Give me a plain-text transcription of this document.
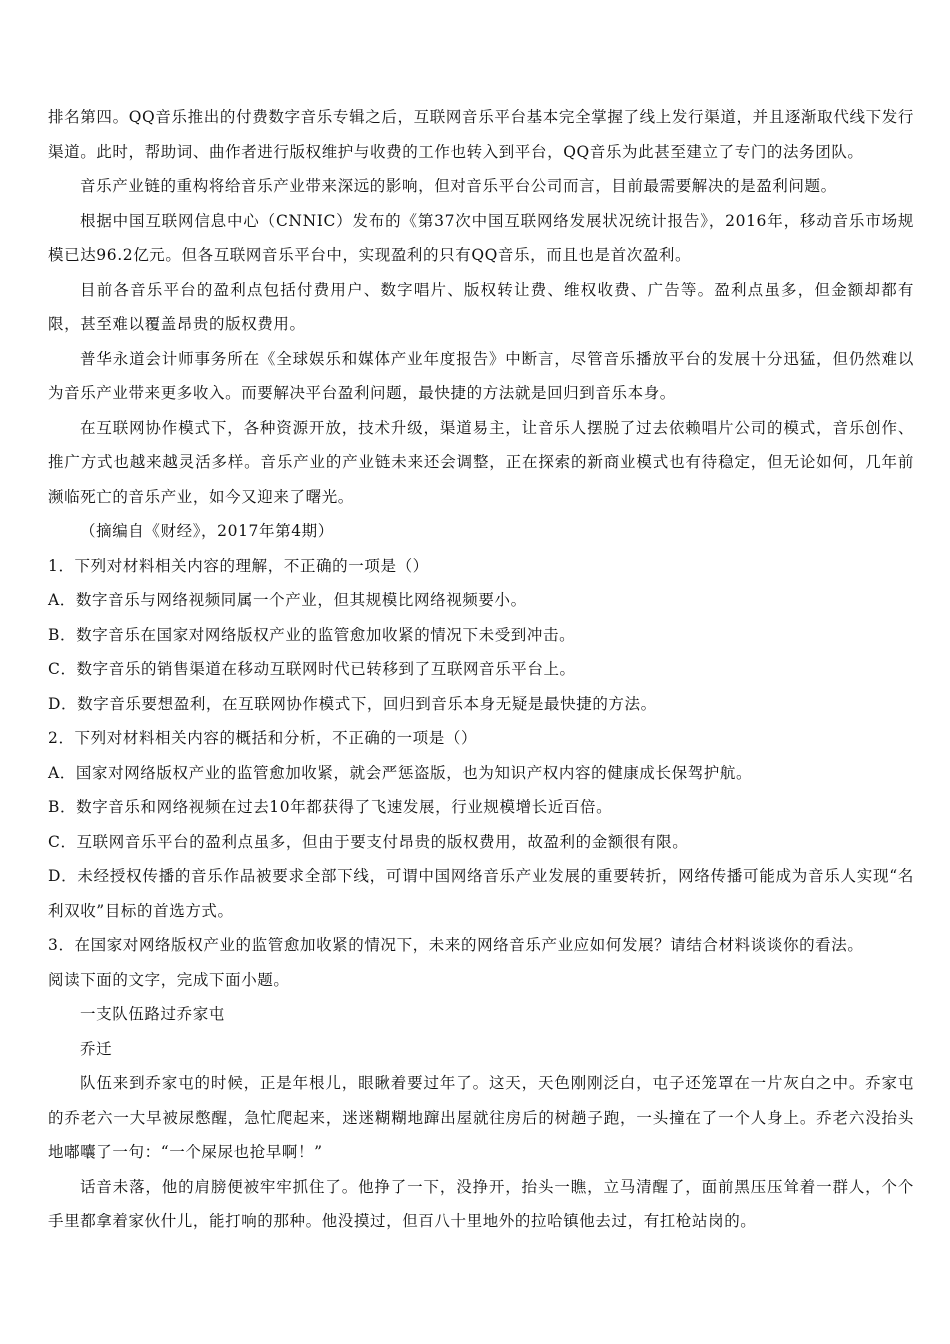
排名第四。QQ音乐推出的付费数字音乐专辑之后，互联网音乐平台基本完全掌握了线上发行渠道，并且逐渐取代线下发行渠道。此时，帮助词、曲作者进行版权维护与收费的工作也转入到平台，QQ音乐为此甚至建立了专门的法务团队。

音乐产业链的重构将给音乐产业带来深远的影响，但对音乐平台公司而言，目前最需要解决的是盈利问题。

根据中国互联网信息中心（CNNIC）发布的《第37次中国互联网络发展状况统计报告》，2016年，移动音乐市场规模已达96.2亿元。但各互联网音乐平台中，实现盈利的只有QQ音乐，而且也是首次盈利。

目前各音乐平台的盈利点包括付费用户、数字唱片、版权转让费、维权收费、广告等。盈利点虽多，但金额却都有限，甚至难以覆盖昂贵的版权费用。

普华永道会计师事务所在《全球娱乐和媒体产业年度报告》中断言，尽管音乐播放平台的发展十分迅猛，但仍然难以为音乐产业带来更多收入。而要解决平台盈利问题，最快捷的方法就是回归到音乐本身。

在互联网协作模式下，各种资源开放，技术升级，渠道易主，让音乐人摆脱了过去依赖唱片公司的模式，音乐创作、推广方式也越来越灵活多样。音乐产业的产业链未来还会调整，正在探索的新商业模式也有待稳定，但无论如何，几年前濒临死亡的音乐产业，如今又迎来了曙光。

（摘编自《财经》，2017年第4期）

1．下列对材料相关内容的理解，不正确的一项是（）

A．数字音乐与网络视频同属一个产业，但其规模比网络视频要小。

B．数字音乐在国家对网络版权产业的监管愈加收紧的情况下未受到冲击。

C．数字音乐的销售渠道在移动互联网时代已转移到了互联网音乐平台上。

D．数字音乐要想盈利，在互联网协作模式下，回归到音乐本身无疑是最快捷的方法。

2．下列对材料相关内容的概括和分析，不正确的一项是（）

A．国家对网络版权产业的监管愈加收紧，就会严惩盗版，也为知识产权内容的健康成长保驾护航。

B．数字音乐和网络视频在过去10年都获得了飞速发展，行业规模增长近百倍。

C．互联网音乐平台的盈利点虽多，但由于要支付昂贵的版权费用，故盈利的金额很有限。

D．未经授权传播的音乐作品被要求全部下线，可谓中国网络音乐产业发展的重要转折，网络传播可能成为音乐人实现“名利双收”目标的首选方式。

3．在国家对网络版权产业的监管愈加收紧的情况下，未来的网络音乐产业应如何发展？请结合材料谈谈你的看法。

阅读下面的文字，完成下面小题。

一支队伍路过乔家屯

乔迁

队伍来到乔家屯的时候，正是年根儿，眼瞅着要过年了。这天，天色刚刚泛白，屯子还笼罩在一片灰白之中。乔家屯的乔老六一大早被尿憋醒，急忙爬起来，迷迷糊糊地蹿出屋就往房后的树趟子跑，一头撞在了一个人身上。乔老六没抬头地嘟囔了一句：“一个屎尿也抢早啊！”

话音未落，他的肩膀便被牢牢抓住了。他挣了一下，没挣开，抬头一瞧，立马清醒了，面前黑压压耸着一群人，个个手里都拿着家伙什儿，能打响的那种。他没摸过，但百八十里地外的拉哈镇他去过，有扛枪站岗的。
